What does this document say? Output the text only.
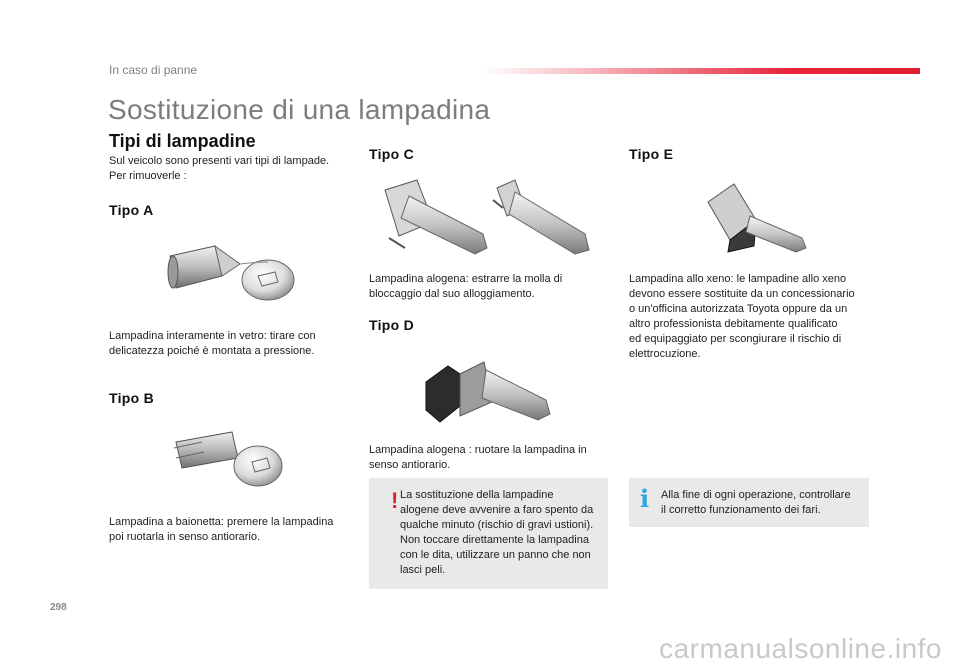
In caso di panne
Sostituzione di una lampadina
Tipi di lampadine
Sul veicolo sono presenti vari tipi di lampade.
Per rimuoverle :
Tipo A
Lampadina interamente in vetro: tirare con
delicatezza poiché è montata a pressione.
Tipo B
Lampadina a baionetta: premere la lampadina
poi ruotarla in senso antiorario.
Tipo C
Lampadina alogena: estrarre la molla di
bloccaggio dal suo alloggiamento.
Tipo D
Lampadina alogena : ruotare la lampadina in
senso antiorario.
! La sostituzione della lampadine
alogene deve avvenire a faro spento da
qualche minuto (rischio di gravi ustioni).
Non toccare direttamente la lampadina
con le dita, utilizzare un panno che non
lasci peli.
Tipo E
Lampadina allo xeno: le lampadine allo xeno
devono essere sostituite da un concessionario
o un'officina autorizzata Toyota oppure da un
altro professionista debitamente qualificato
ed equipaggiato per scongiurare il rischio di
elettrocuzione.
i Alla fine di ogni operazione, controllare
il corretto funzionamento dei fari.
298
carmanualsonline.info
